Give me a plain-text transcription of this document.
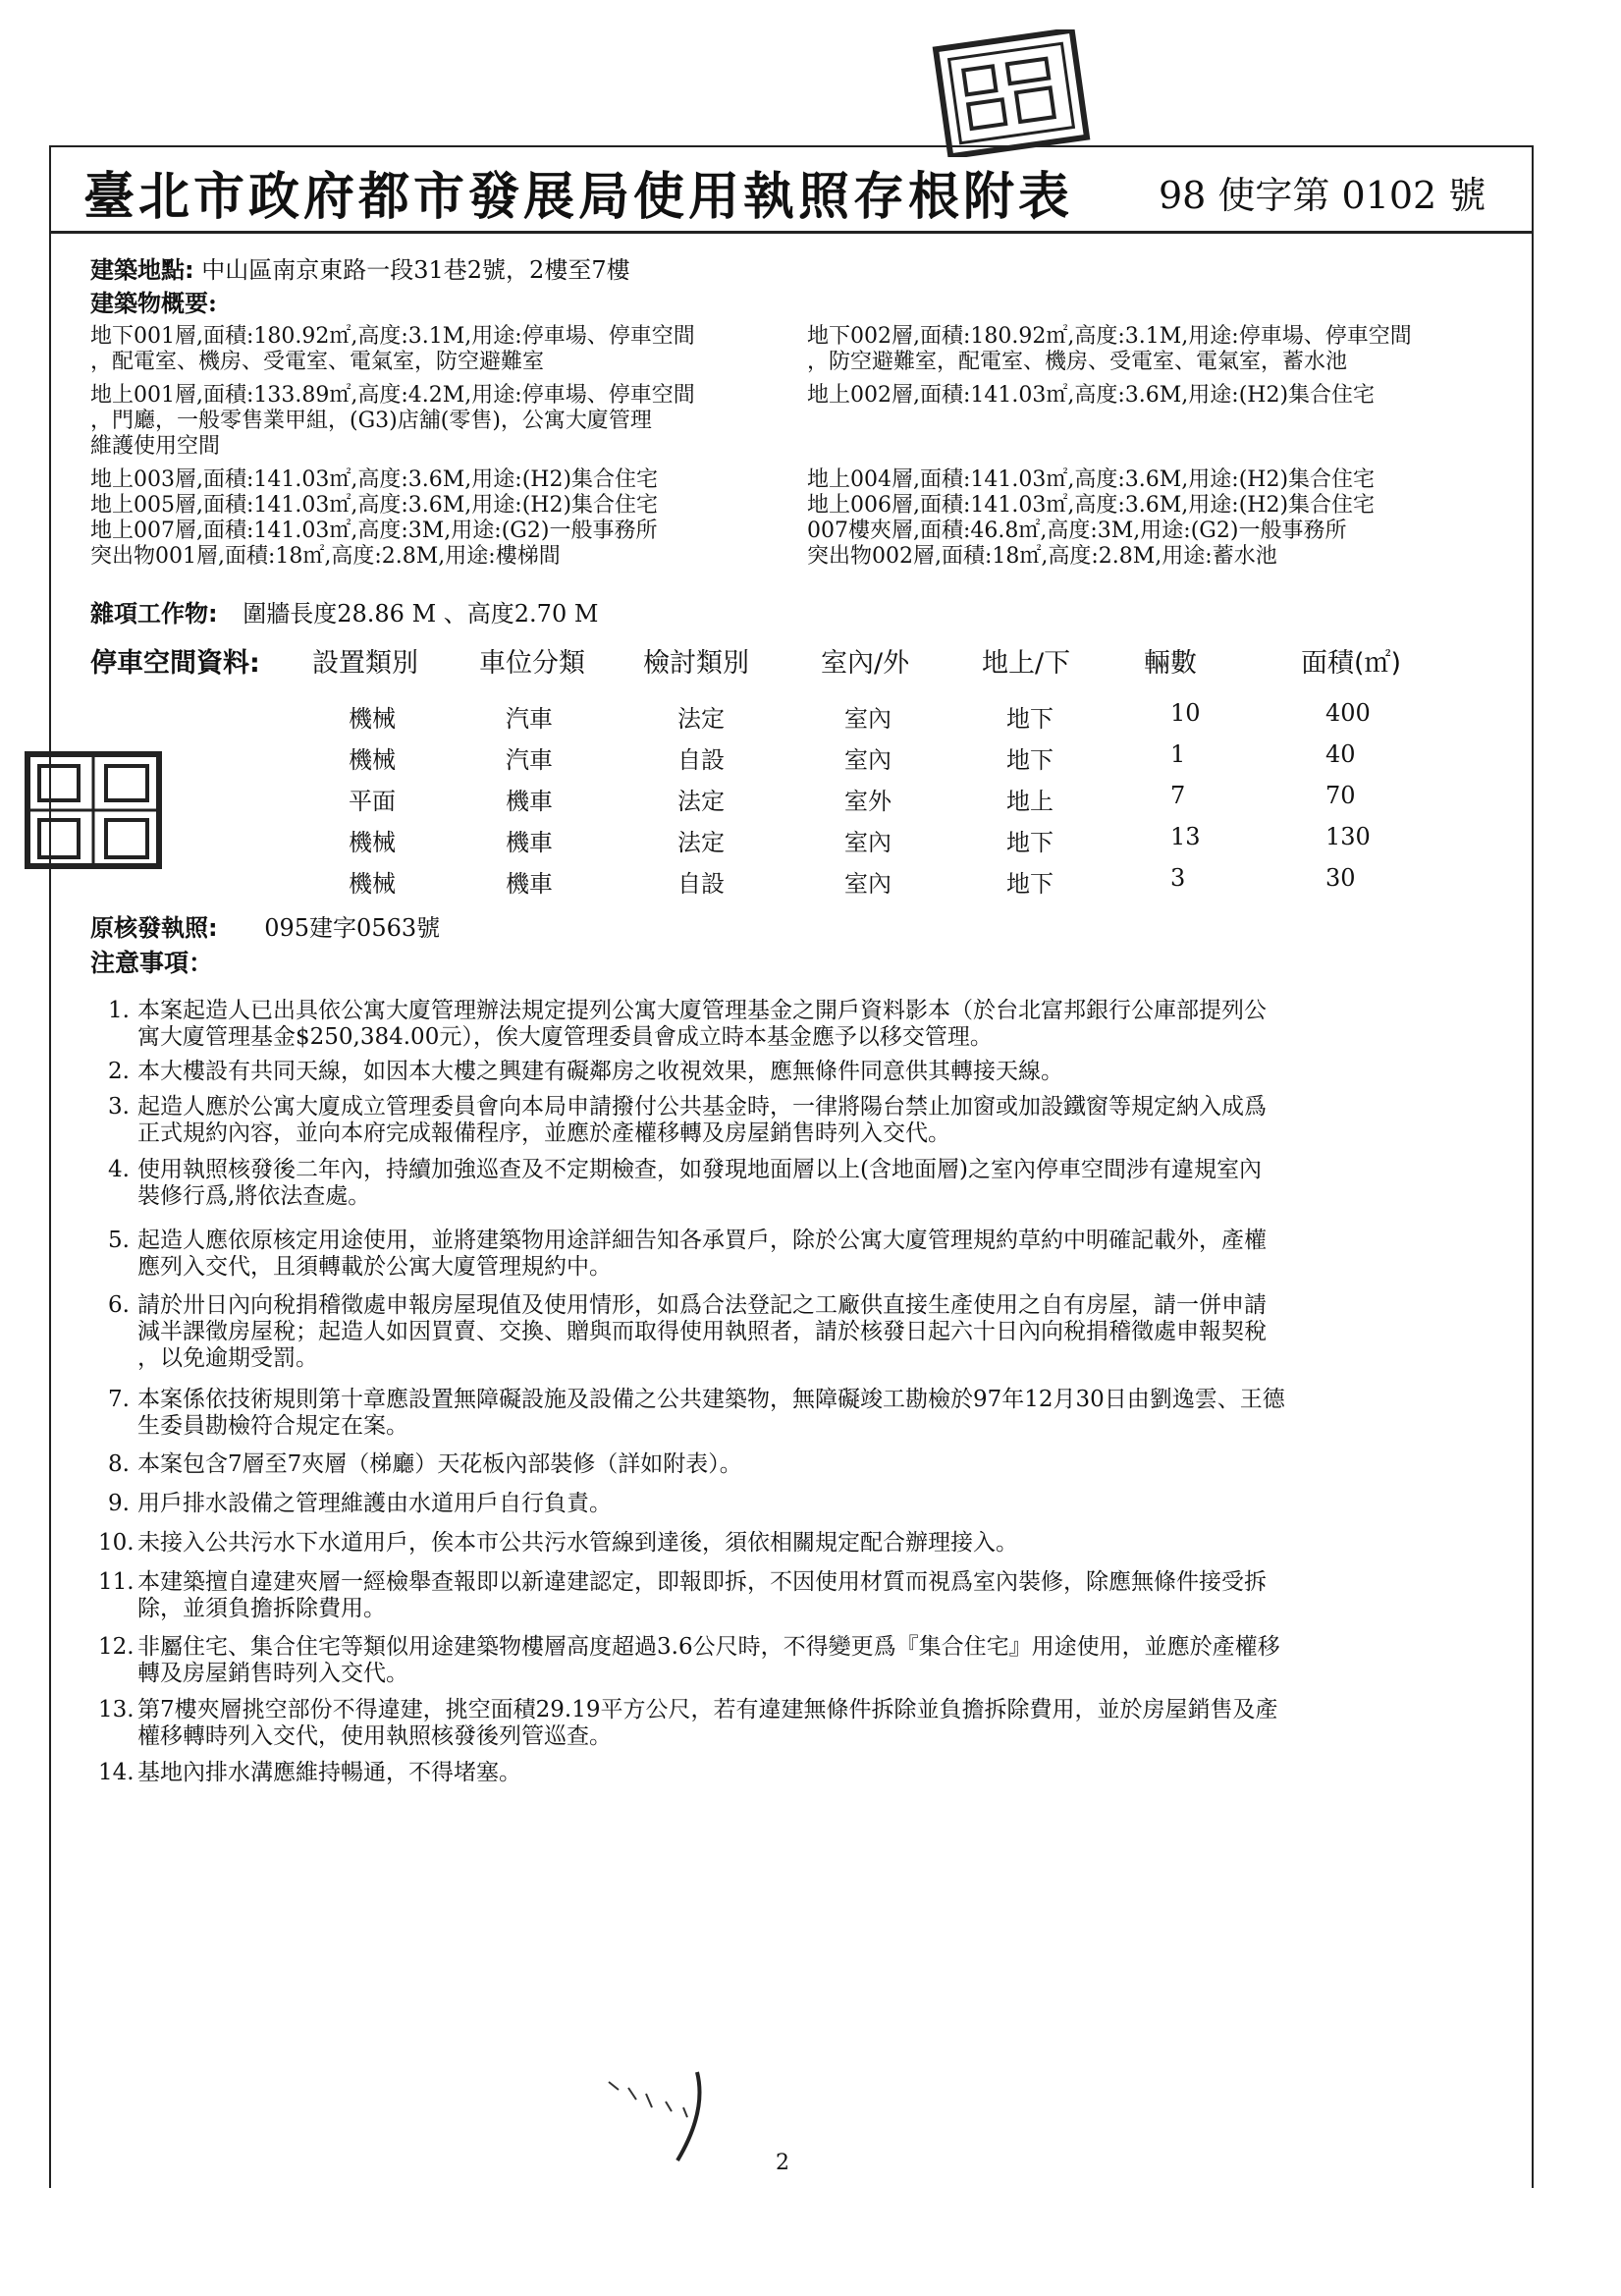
臺北市政府都市發展局使用執照存根附表 98 使字第 0102 號
建築地點: 中山區南京東路一段31巷2號，2樓至7樓
建築物概要:
地下001層,面積:180.92㎡,高度:3.1M,用途:停車場、停車空間
，配電室、機房、受電室、電氣室，防空避難室
地上001層,面積:133.89㎡,高度:4.2M,用途:停車場、停車空間
，門廳，一般零售業甲組，(G3)店舖(零售)，公寓大廈管理
維護使用空間
地上003層,面積:141.03㎡,高度:3.6M,用途:(H2)集合住宅
地上005層,面積:141.03㎡,高度:3.6M,用途:(H2)集合住宅
地上007層,面積:141.03㎡,高度:3M,用途:(G2)一般事務所
突出物001層,面積:18㎡,高度:2.8M,用途:樓梯間
地下002層,面積:180.92㎡,高度:3.1M,用途:停車場、停車空間
，防空避難室，配電室、機房、受電室、電氣室，蓄水池
地上002層,面積:141.03㎡,高度:3.6M,用途:(H2)集合住宅

地上004層,面積:141.03㎡,高度:3.6M,用途:(H2)集合住宅
地上006層,面積:141.03㎡,高度:3.6M,用途:(H2)集合住宅
007樓夾層,面積:46.8㎡,高度:3M,用途:(G2)一般事務所
突出物002層,面積:18㎡,高度:2.8M,用途:蓄水池
雜項工作物: 圍牆長度28.86 M 、高度2.70 M
停車空間資料: 設置類別 車位分類 檢討類別	室內/外	地上/下	輛數	面積(㎡)
機械	汽車	法定	室內	地下	10	400
機械	汽車	自設	室內	地下	1	40
平面	機車	法定	室外	地上	7	70
機械	機車	法定	室內	地下	13	130
機械	機車	自設	室內	地下	3	30
原核發執照: 095建字0563號
注意事項：
1. 本案起造人已出具依公寓大廈管理辦法規定提列公寓大廈管理基金之開戶資料影本（於台北富邦銀行公庫部提列公
寓大廈管理基金$250,384.00元），俟大廈管理委員會成立時本基金應予以移交管理。
2. 本大樓設有共同天線，如因本大樓之興建有礙鄰房之收視效果，應無條件同意供其轉接天線。
3. 起造人應於公寓大廈成立管理委員會向本局申請撥付公共基金時，一律將陽台禁止加窗或加設鐵窗等規定納入成爲
正式規約內容，並向本府完成報備程序，並應於產權移轉及房屋銷售時列入交代。
4. 使用執照核發後二年內，持續加強巡查及不定期檢查，如發現地面層以上(含地面層)之室內停車空間涉有違規室內
裝修行爲,將依法查處。
5. 起造人應依原核定用途使用，並將建築物用途詳細告知各承買戶，除於公寓大廈管理規約草約中明確記載外，產權
應列入交代，且須轉載於公寓大廈管理規約中。
6. 請於卅日內向稅捐稽徵處申報房屋現值及使用情形，如爲合法登記之工廠供直接生產使用之自有房屋，請一併申請
減半課徵房屋稅；起造人如因買賣、交換、贈與而取得使用執照者，請於核發日起六十日內向稅捐稽徵處申報契稅
，以免逾期受罰。
7. 本案係依技術規則第十章應設置無障礙設施及設備之公共建築物，無障礙竣工勘檢於97年12月30日由劉逸雲、王德
生委員勘檢符合規定在案。
8. 本案包含7層至7夾層（梯廳）天花板內部裝修（詳如附表）。
9. 用戶排水設備之管理維護由水道用戶自行負責。
10. 未接入公共污水下水道用戶，俟本市公共污水管線到達後，須依相關規定配合辦理接入。
11. 本建築擅自違建夾層一經檢舉查報即以新違建認定，即報即拆，不因使用材質而視爲室內裝修，除應無條件接受拆
除，並須負擔拆除費用。
12. 非屬住宅、集合住宅等類似用途建築物樓層高度超過3.6公尺時，不得變更爲『集合住宅』用途使用，並應於產權移
轉及房屋銷售時列入交代。
13. 第7樓夾層挑空部份不得違建，挑空面積29.19平方公尺，若有違建無條件拆除並負擔拆除費用，並於房屋銷售及產
權移轉時列入交代，使用執照核發後列管巡查。
14. 基地內排水溝應維持暢通，不得堵塞。
2
